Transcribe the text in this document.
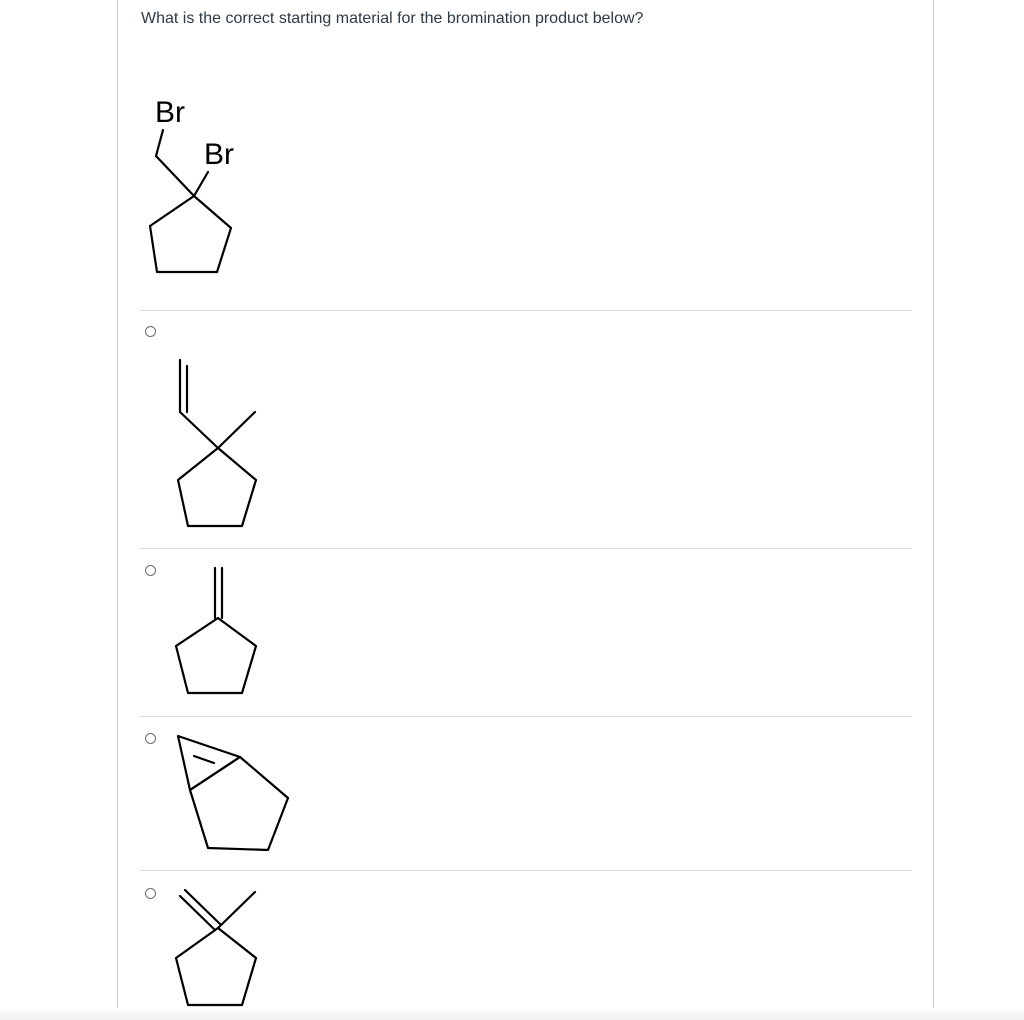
What is the correct starting material for the bromination product below?
Br
Br
